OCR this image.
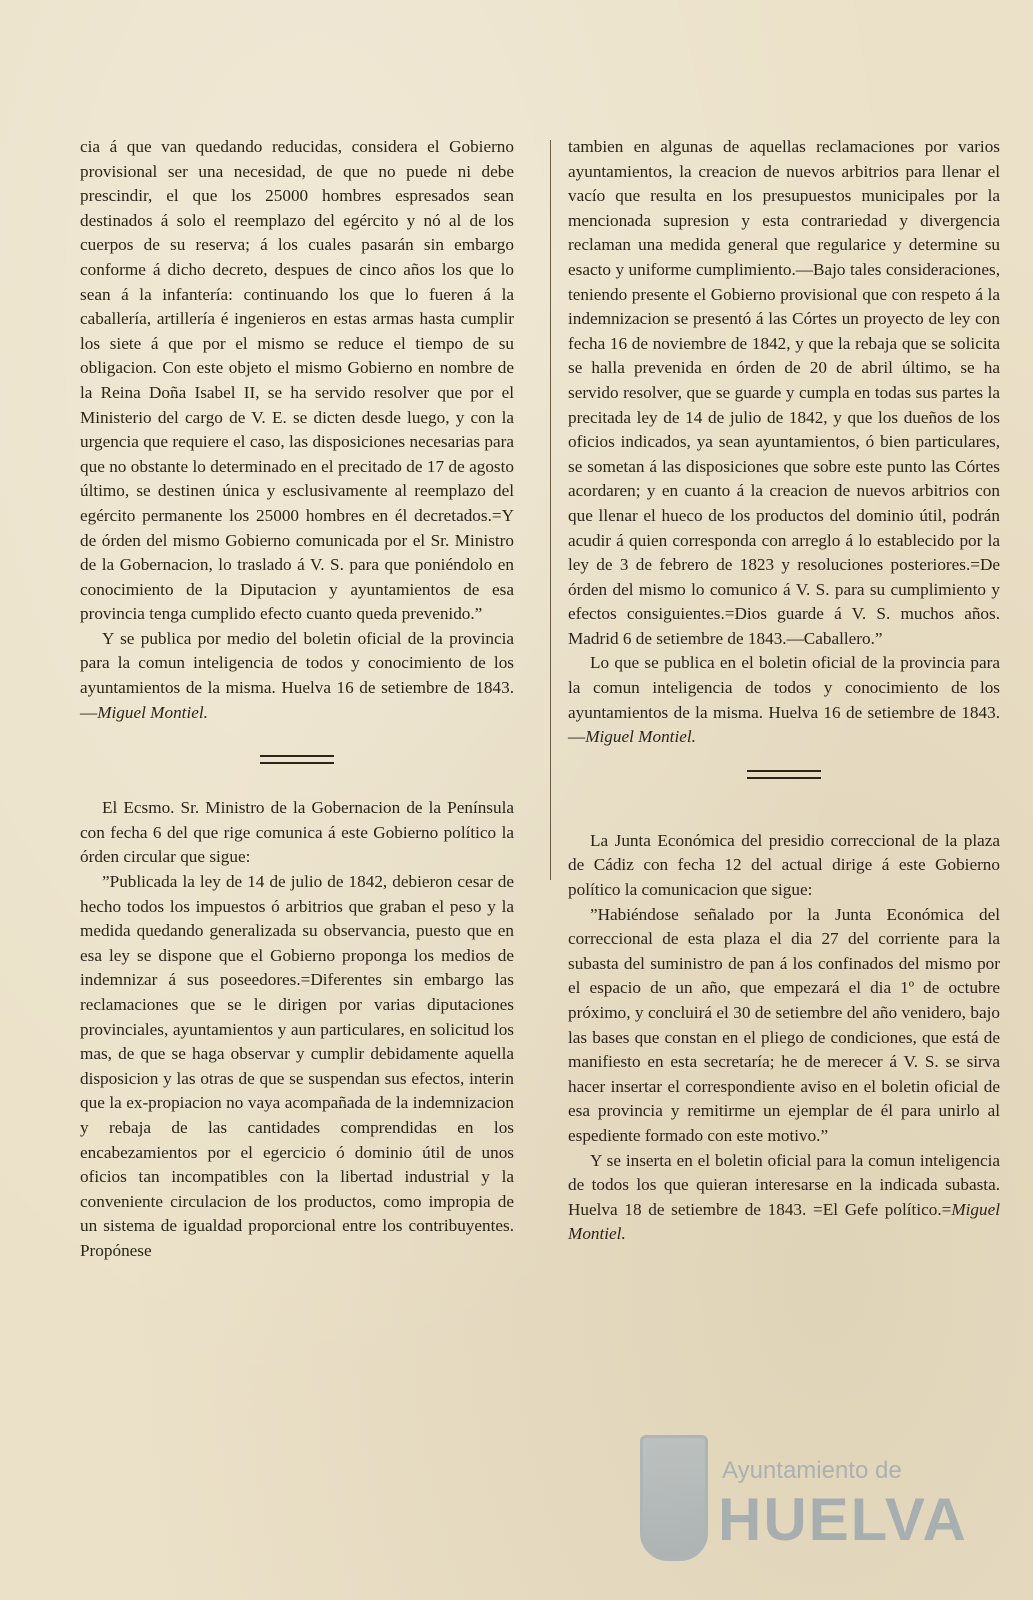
cia á que van quedando reducidas, considera el Gobierno provisional ser una necesidad, de que no puede ni debe prescindir, el que los 25000 hombres espresados sean destinados á solo el reemplazo del egército y nó al de los cuerpos de su reserva; á los cuales pasarán sin embargo conforme á dicho decreto, despues de cinco años los que lo sean á la infantería: continuando los que lo fueren á la caballería, artillería é ingenieros en estas armas hasta cumplir los siete á que por el mismo se reduce el tiempo de su obligacion. Con este objeto el mismo Gobierno en nombre de la Reina Doña Isabel II, se ha servido resolver que por el Ministerio del cargo de V. E. se dicten desde luego, y con la urgencia que requiere el caso, las disposiciones necesarias para que no obstante lo determinado en el precitado de 17 de agosto último, se destinen única y esclusivamente al reemplazo del egército permanente los 25000 hombres en él decretados.=Y de órden del mismo Gobierno comunicada por el Sr. Ministro de la Gobernacion, lo traslado á V. S. para que poniéndolo en conocimiento de la Diputacion y ayuntamientos de esa provincia tenga cumplido efecto cuanto queda prevenido.”

Y se publica por medio del boletin oficial de la provincia para la comun inteligencia de todos y conocimiento de los ayuntamientos de la misma. Huelva 16 de setiembre de 1843.—Miguel Montiel.

El Ecsmo. Sr. Ministro de la Gobernacion de la Península con fecha 6 del que rige comunica á este Gobierno político la órden circular que sigue:

”Publicada la ley de 14 de julio de 1842, debieron cesar de hecho todos los impuestos ó arbitrios que graban el peso y la medida quedando generalizada su observancia, puesto que en esa ley se dispone que el Gobierno proponga los medios de indemnizar á sus poseedores.=Diferentes sin embargo las reclamaciones que se le dirigen por varias diputaciones provinciales, ayuntamientos y aun particulares, en solicitud los mas, de que se haga observar y cumplir debidamente aquella disposicion y las otras de que se suspendan sus efectos, interin que la ex-propiacion no vaya acompañada de la indemnizacion y rebaja de las cantidades comprendidas en los encabezamientos por el egercicio ó dominio útil de unos oficios tan incompatibles con la libertad industrial y la conveniente circulacion de los productos, como impropia de un sistema de igualdad proporcional entre los contribuyentes. Propónese

tambien en algunas de aquellas reclamaciones por varios ayuntamientos, la creacion de nuevos arbitrios para llenar el vacío que resulta en los presupuestos municipales por la mencionada supresion y esta contrariedad y divergencia reclaman una medida general que regularice y determine su esacto y uniforme cumplimiento.—Bajo tales consideraciones, teniendo presente el Gobierno provisional que con respeto á la indemnizacion se presentó á las Córtes un proyecto de ley con fecha 16 de noviembre de 1842, y que la rebaja que se solicita se halla prevenida en órden de 20 de abril último, se ha servido resolver, que se guarde y cumpla en todas sus partes la precitada ley de 14 de julio de 1842, y que los dueños de los oficios indicados, ya sean ayuntamientos, ó bien particulares, se sometan á las disposiciones que sobre este punto las Córtes acordaren; y en cuanto á la creacion de nuevos arbitrios con que llenar el hueco de los productos del dominio útil, podrán acudir á quien corresponda con arreglo á lo establecido por la ley de 3 de febrero de 1823 y resoluciones posteriores.=De órden del mismo lo comunico á V. S. para su cumplimiento y efectos consiguientes.=Dios guarde á V. S. muchos años. Madrid 6 de setiembre de 1843.—Caballero.”

Lo que se publica en el boletin oficial de la provincia para la comun inteligencia de todos y conocimiento de los ayuntamientos de la misma. Huelva 16 de setiembre de 1843.—Miguel Montiel.

La Junta Económica del presidio correccional de la plaza de Cádiz con fecha 12 del actual dirige á este Gobierno político la comunicacion que sigue:

”Habiéndose señalado por la Junta Económica del correccional de esta plaza el dia 27 del corriente para la subasta del suministro de pan á los confinados del mismo por el espacio de un año, que empezará el dia 1º de octubre próximo, y concluirá el 30 de setiembre del año venidero, bajo las bases que constan en el pliego de condiciones, que está de manifiesto en esta secretaría; he de merecer á V. S. se sirva hacer insertar el correspondiente aviso en el boletin oficial de esa provincia y remitirme un ejemplar de él para unirlo al espediente formado con este motivo.”

Y se inserta en el boletin oficial para la comun inteligencia de todos los que quieran interesarse en la indicada subasta. Huelva 18 de setiembre de 1843. =El Gefe político.=Miguel Montiel.

Ayuntamiento de
HUELVA
